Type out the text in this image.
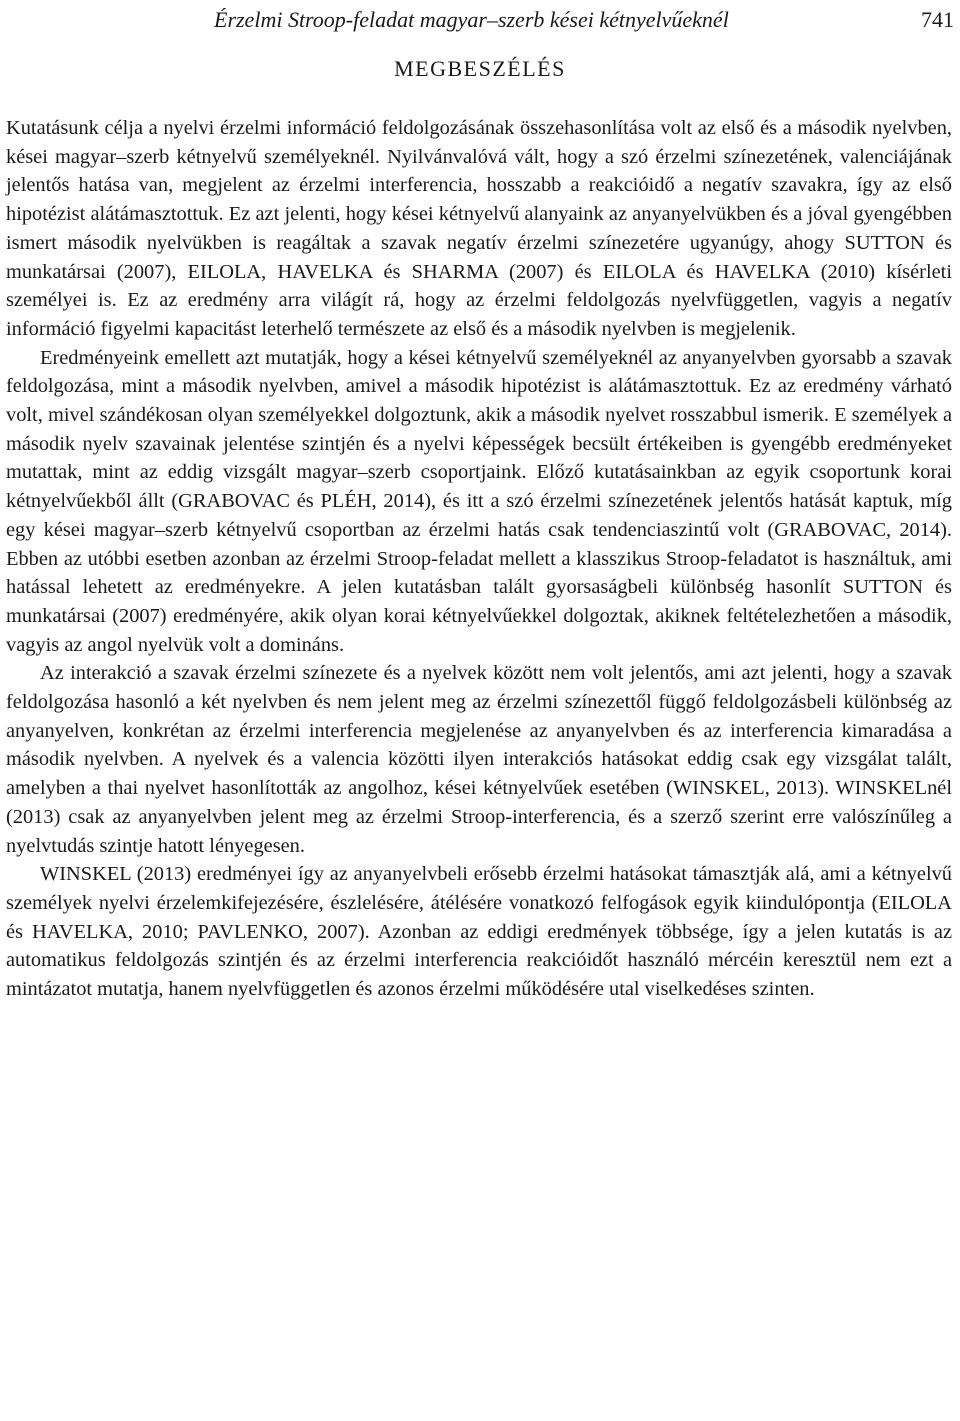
Érzelmi Stroop-feladat magyar–szerb kései kétnyelvűeknél	741
MEGBESZÉLÉS

Kutatásunk célja a nyelvi érzelmi információ feldolgozásának összehasonlítása volt az első és a második nyelvben, kései magyar–szerb kétnyelvű személyeknél. Nyilvánvalóvá vált, hogy a szó érzelmi színezetének, valenciájának jelentős hatása van, megjelent az érzelmi interferencia, hosszabb a reakcióidő a negatív szavakra, így az első hipotézist alátámasztottuk. Ez azt jelenti, hogy kései kétnyelvű alanyaink az anyanyelvükben és a jóval gyengébben ismert második nyelvükben is reagáltak a szavak negatív érzelmi színezetére ugyanúgy, ahogy SUTTON és munkatársai (2007), EILOLA, HAVELKA és SHARMA (2007) és EILOLA és HAVELKA (2010) kísérleti személyei is. Ez az eredmény arra világít rá, hogy az érzelmi feldolgozás nyelvfüggetlen, vagyis a negatív információ figyelmi kapacitást leterhelő természete az első és a második nyelvben is megjelenik.

Eredményeink emellett azt mutatják, hogy a kései kétnyelvű személyeknél az anyanyelvben gyorsabb a szavak feldolgozása, mint a második nyelvben, amivel a második hipotézist is alátámasztottuk. Ez az eredmény várható volt, mivel szándékosan olyan személyekkel dolgoztunk, akik a második nyelvet rosszabbul ismerik. E személyek a második nyelv szavainak jelentése szintjén és a nyelvi képességek becsült értékeiben is gyengébb eredményeket mutattak, mint az eddig vizsgált magyar–szerb csoportjaink. Előző kutatásainkban az egyik csoportunk korai kétnyelvűekből állt (GRABOVAC és PLÉH, 2014), és itt a szó érzelmi színezetének jelentős hatását kaptuk, míg egy kései magyar–szerb kétnyelvű csoportban az érzelmi hatás csak tendenciaszintű volt (GRABOVAC, 2014). Ebben az utóbbi esetben azonban az érzelmi Stroop-feladat mellett a klasszikus Stroop-feladatot is használtuk, ami hatással lehetett az eredményekre. A jelen kutatásban talált gyorsaságbeli különbség hasonlít SUTTON és munkatársai (2007) eredményére, akik olyan korai kétnyelvűekkel dolgoztak, akiknek feltételezhetően a második, vagyis az angol nyelvük volt a domináns.

Az interakció a szavak érzelmi színezete és a nyelvek között nem volt jelentős, ami azt jelenti, hogy a szavak feldolgozása hasonló a két nyelvben és nem jelent meg az érzelmi színezettől függő feldolgozásbeli különbség az anyanyelven, konkrétan az érzelmi interferencia megjelenése az anyanyelvben és az interferencia kimaradása a második nyelvben. A nyelvek és a valencia közötti ilyen interakciós hatásokat eddig csak egy vizsgálat talált, amelyben a thai nyelvet hasonlították az angolhoz, kései kétnyelvűek esetében (WINSKEL, 2013). WINSKELnél (2013) csak az anyanyelvben jelent meg az érzelmi Stroop-interferencia, és a szerző szerint erre valószínűleg a nyelvtudás szintje hatott lényegesen.

WINSKEL (2013) eredményei így az anyanyelvbeli erősebb érzelmi hatásokat támasztják alá, ami a kétnyelvű személyek nyelvi érzelemkifejezésére, észlelésére, átélésére vonatkozó felfogások egyik kiindulópontja (EILOLA és HAVELKA, 2010; PAVLENKO, 2007). Azonban az eddigi eredmények többsége, így a jelen kutatás is az automatikus feldolgozás szintjén és az érzelmi interferencia reakcióidőt használó mércéin keresztül nem ezt a mintázatot mutatja, hanem nyelvfüggetlen és azonos érzelmi működésére utal viselkedéses szinten.
